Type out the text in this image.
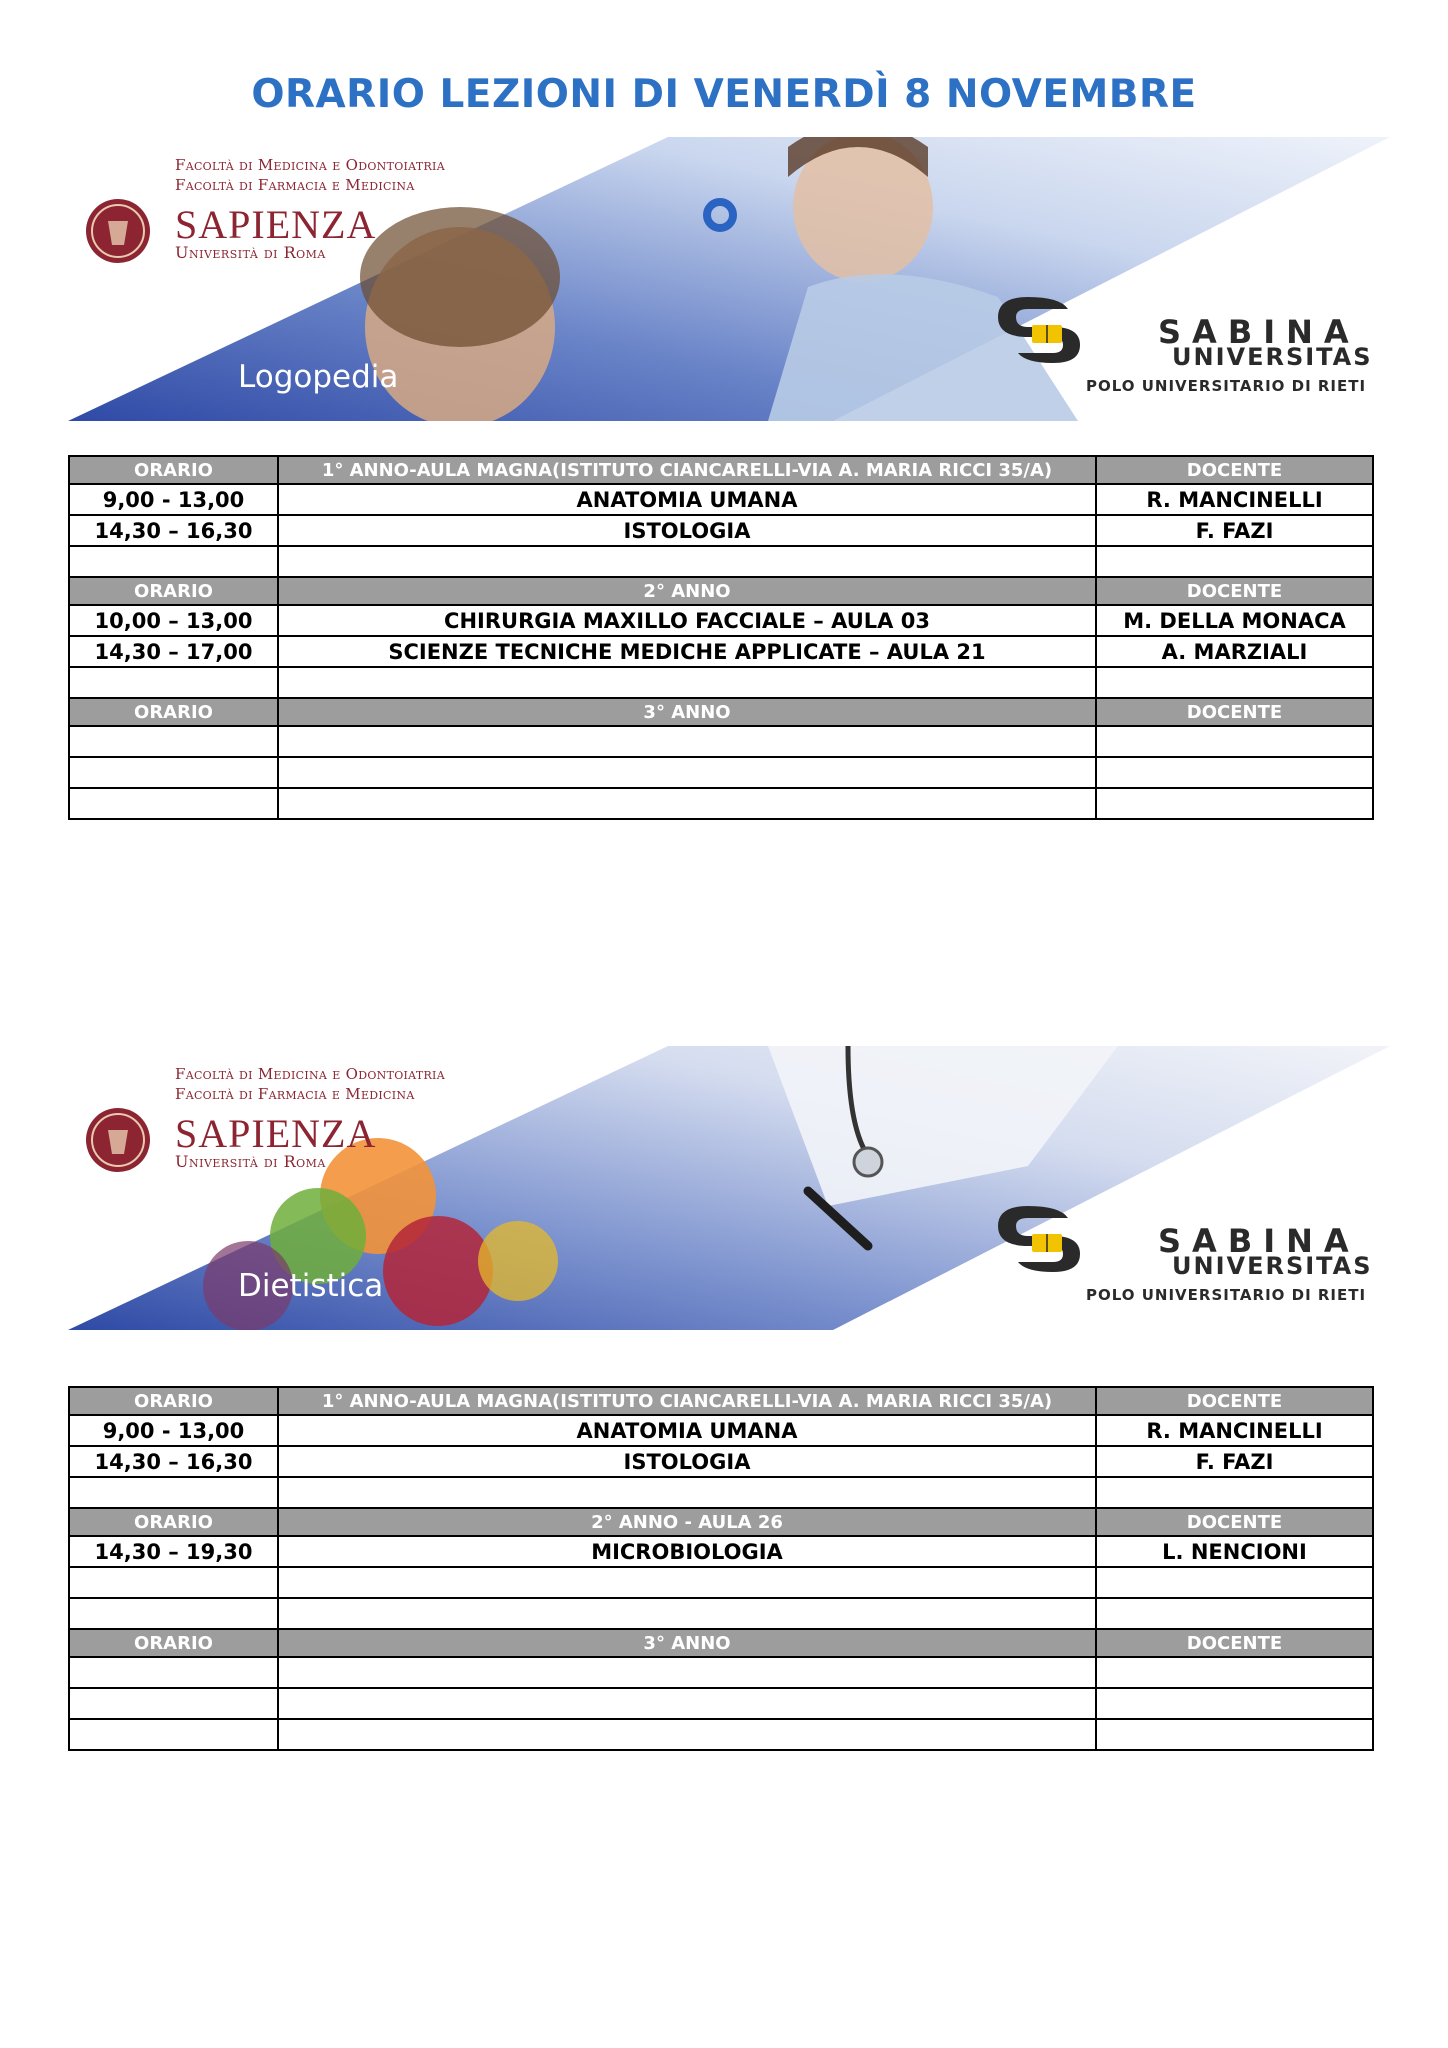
ORARIO LEZIONI DI VENERDÌ 8 NOVEMBRE
Facoltà di Medicina e Odontoiatria
Facoltà di Farmacia e Medicina
SAPIENZA
Università di Roma
Logopedia
SABINA
UNIVERSITAS
POLO UNIVERSITARIO DI RIETI
ORARIO	1° ANNO-AULA MAGNA(ISTITUTO CIANCARELLI-VIA A. MARIA RICCI 35/A)	DOCENTE
9,00 - 13,00	ANATOMIA UMANA	R. MANCINELLI
14,30 – 16,30	ISTOLOGIA	F. FAZI

ORARIO	2° ANNO	DOCENTE
10,00 – 13,00	CHIRURGIA MAXILLO FACCIALE – AULA 03	M. DELLA MONACA
14,30 – 17,00	SCIENZE TECNICHE MEDICHE APPLICATE – AULA 21	A. MARZIALI

ORARIO	3° ANNO	DOCENTE

Facoltà di Medicina e Odontoiatria
Facoltà di Farmacia e Medicina
SAPIENZA
Università di Roma
Dietistica
SABINA
UNIVERSITAS
POLO UNIVERSITARIO DI RIETI
ORARIO	1° ANNO-AULA MAGNA(ISTITUTO CIANCARELLI-VIA A. MARIA RICCI 35/A)	DOCENTE
9,00 - 13,00	ANATOMIA UMANA	R. MANCINELLI
14,30 – 16,30	ISTOLOGIA	F. FAZI

ORARIO	2° ANNO - AULA 26	DOCENTE
14,30 – 19,30	MICROBIOLOGIA	L. NENCIONI

ORARIO	3° ANNO	DOCENTE
